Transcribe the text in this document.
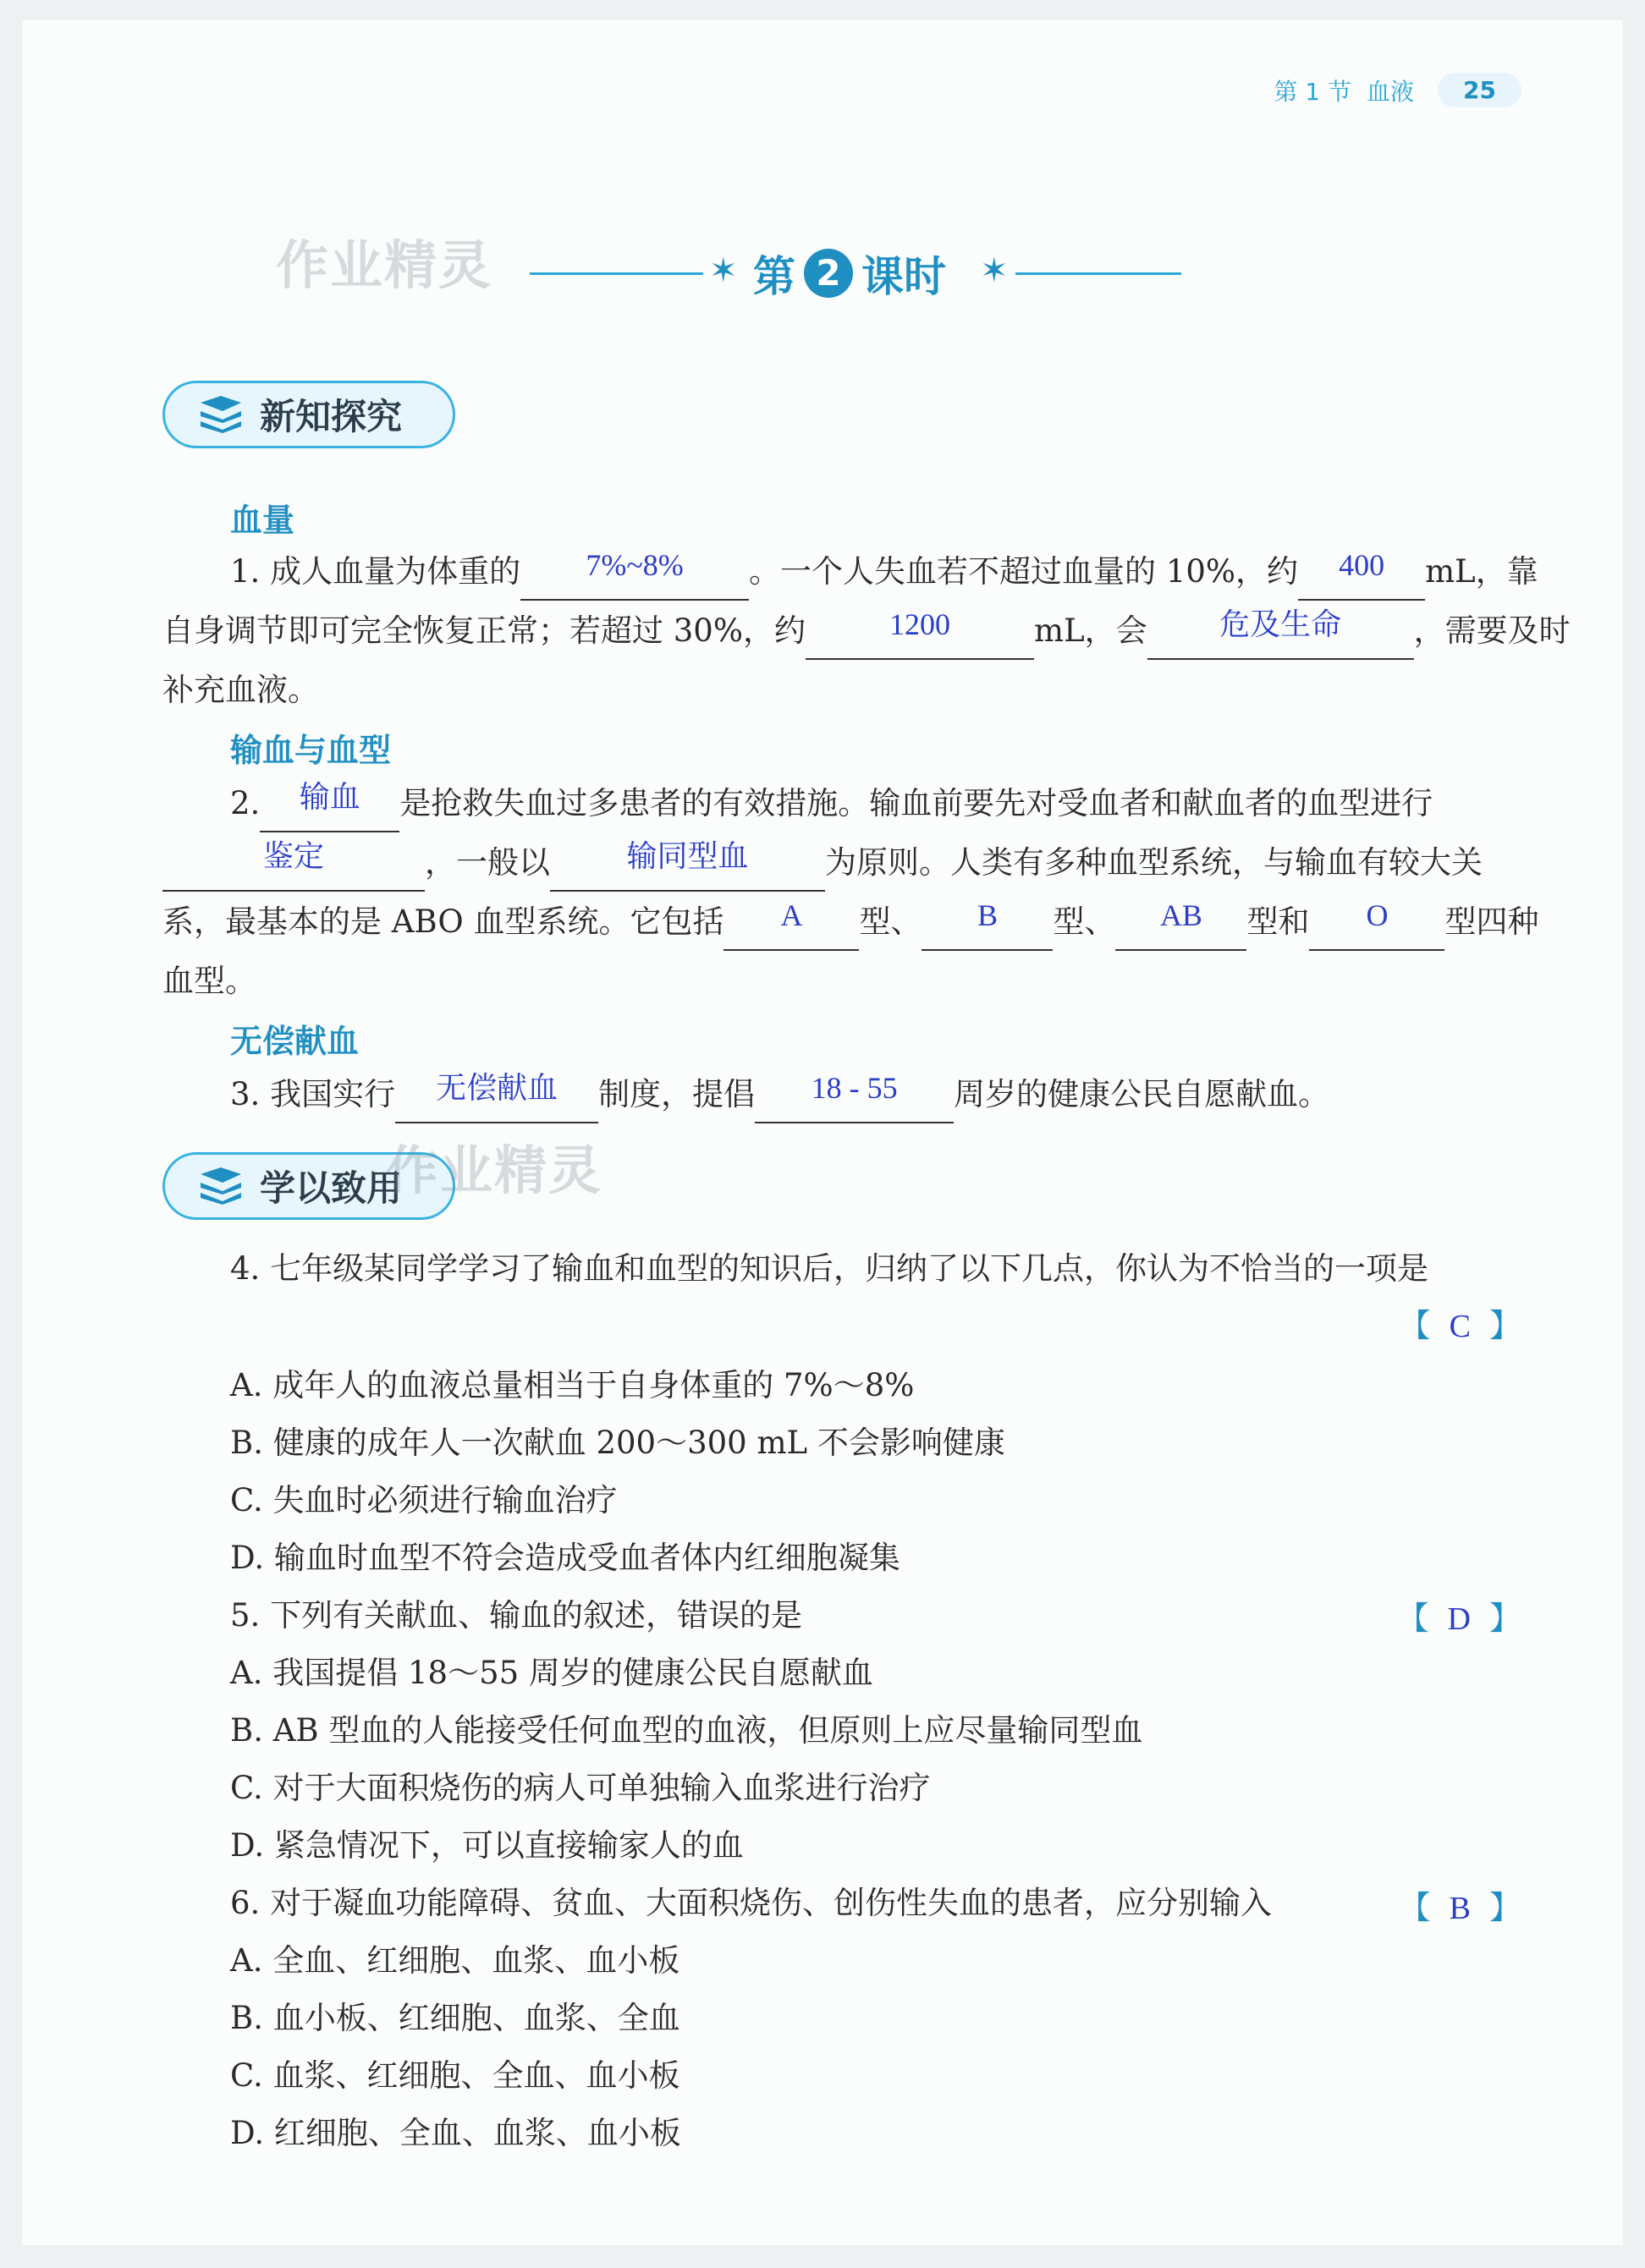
第 1 节 血液	25
作业精灵	✶ 第 2 课时 ✶
新知探究
血量
1. 成人血量为体重的	7%~8%	。一个人失血若不超过血量的 10%，约	400	mL，靠
自身调节即可完全恢复正常；若超过 30%，约	1200	mL，会	危及生命	，需要及时
补充血液。
输血与血型
2.	输血	是抢救失血过多患者的有效措施。输血前要先对受血者和献血者的血型进行
鉴定	，一般以	输同型血	为原则。人类有多种血型系统，与输血有较大关
系，最基本的是 ABO 血型系统。它包括	A	型、	B	型、	AB	型和	O	型四种
血型。
无偿献血
3. 我国实行	无偿献血	制度，提倡	18 - 55	周岁的健康公民自愿献血。
学以致用
作业精灵
4. 七年级某同学学习了输血和血型的知识后，归纳了以下几点，你认为不恰当的一项是
【 C 】
A. 成年人的血液总量相当于自身体重的 7%～8%
B. 健康的成年人一次献血 200～300 mL 不会影响健康
C. 失血时必须进行输血治疗
D. 输血时血型不符会造成受血者体内红细胞凝集
5. 下列有关献血、输血的叙述，错误的是	【 D 】
A. 我国提倡 18～55 周岁的健康公民自愿献血
B. AB 型血的人能接受任何血型的血液，但原则上应尽量输同型血
C. 对于大面积烧伤的病人可单独输入血浆进行治疗
D. 紧急情况下，可以直接输家人的血
6. 对于凝血功能障碍、贫血、大面积烧伤、创伤性失血的患者，应分别输入	【 B 】
A. 全血、红细胞、血浆、血小板
B. 血小板、红细胞、血浆、全血
C. 血浆、红细胞、全血、血小板
D. 红细胞、全血、血浆、血小板
